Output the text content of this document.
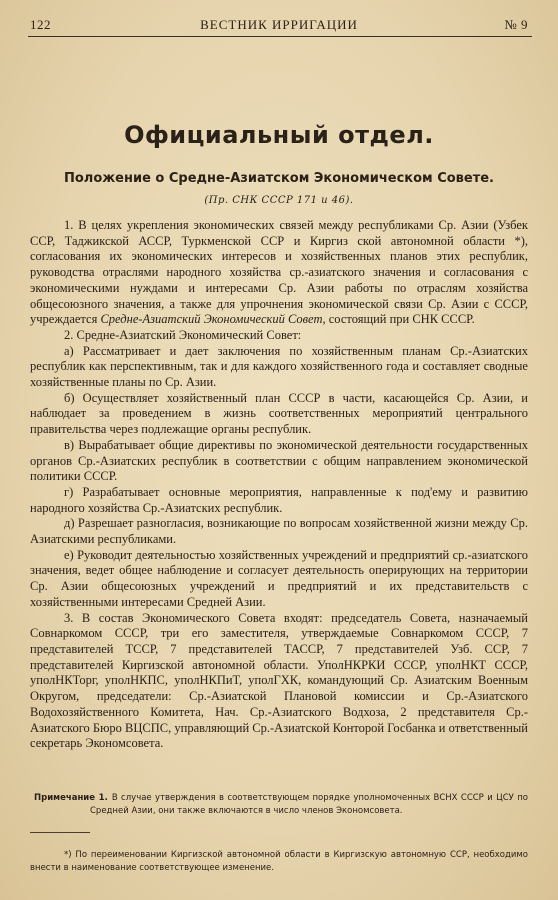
122	ВЕСТНИК ИРРИГАЦИИ	№ 9
Официальный отдел.
Положение о Средне-Азиатском Экономическом Совете.
(Пр. СНК СССР 171 и 46).

1. В целях укрепления экономических связей между республиками Ср. Азии (Узбек ССР, Таджикской АССР, Туркменской ССР и Киргиз ской автономной области *), согласования их экономических интересов и хозяйственных планов этих республик, руководства отраслями народного хозяйства ср.-азиатского значения и согласования с экономическими нуждами и интересами Ср. Азии работы по отраслям хозяйства общесоюзного значения, а также для упрочнения экономической связи Ср. Азии с СССР, учреждается Средне-Азиатский Экономический Совет, состоящий при СНК СССР.

2. Средне-Азиатский Экономический Совет:

а) Рассматривает и дает заключения по хозяйственным планам Ср.-Азиатских республик как перспективным, так и для каждого хозяйственного года и составляет сводные хозяйственные планы по Ср. Азии.

б) Осуществляет хозяйственный план СССР в части, касающейся Ср. Азии, и наблюдает за проведением в жизнь соответственных мероприятий центрального правительства через подлежащие органы республик.

в) Вырабатывает общие директивы по экономической деятельности государственных органов Ср.-Азиатских республик в соответствии с общим направлением экономической политики СССР.

г) Разрабатывает основные мероприятия, направленные к под'ему и развитию народного хозяйства Ср.-Азиатских республик.

д) Разрешает разногласия, возникающие по вопросам хозяйственной жизни между Ср. Азиатскими республиками.

е) Руководит деятельностью хозяйственных учреждений и предприятий ср.-азиатского значения, ведет общее наблюдение и согласует деятельность оперирующих на территории Ср. Азии общесоюзных учреждений и предприятий и их представительств с хозяйственными интересами Средней Азии.

3. В состав Экономического Совета входят: председатель Совета, назначаемый Совнаркомом СССР, три его заместителя, утверждаемые Совнаркомом СССР, 7 представителей ТССР, 7 представителей ТАССР, 7 представителей Узб. ССР, 7 представителей Киргизской автономной области. УполНКРКИ СССР, уполНКТ СССР, уполНКТорг, уполНКПС, уполНКПиТ, уполГХК, командующий Ср. Азиатским Военным Округом, председатели: Ср.-Азиатской Плановой комиссии и Ср.-Азиатского Водохозяйственного Комитета, Нач. Ср.-Азиатского Водхоза, 2 представителя Ср.-Азиатского Бюро ВЦСПС, управляющий Ср.-Азиатской Конторой Госбанка и ответственный секретарь Экономсовета.

Примечание 1. В случае утверждения в соответствующем порядке уполномоченных ВСНХ СССР и ЦСУ по Средней Азии, они также включаются в число членов Экономсовета.
*) По переименовании Киргизской автономной области в Киргизскую автономную ССР, необходимо внести в наименование соответствующее изменение.
